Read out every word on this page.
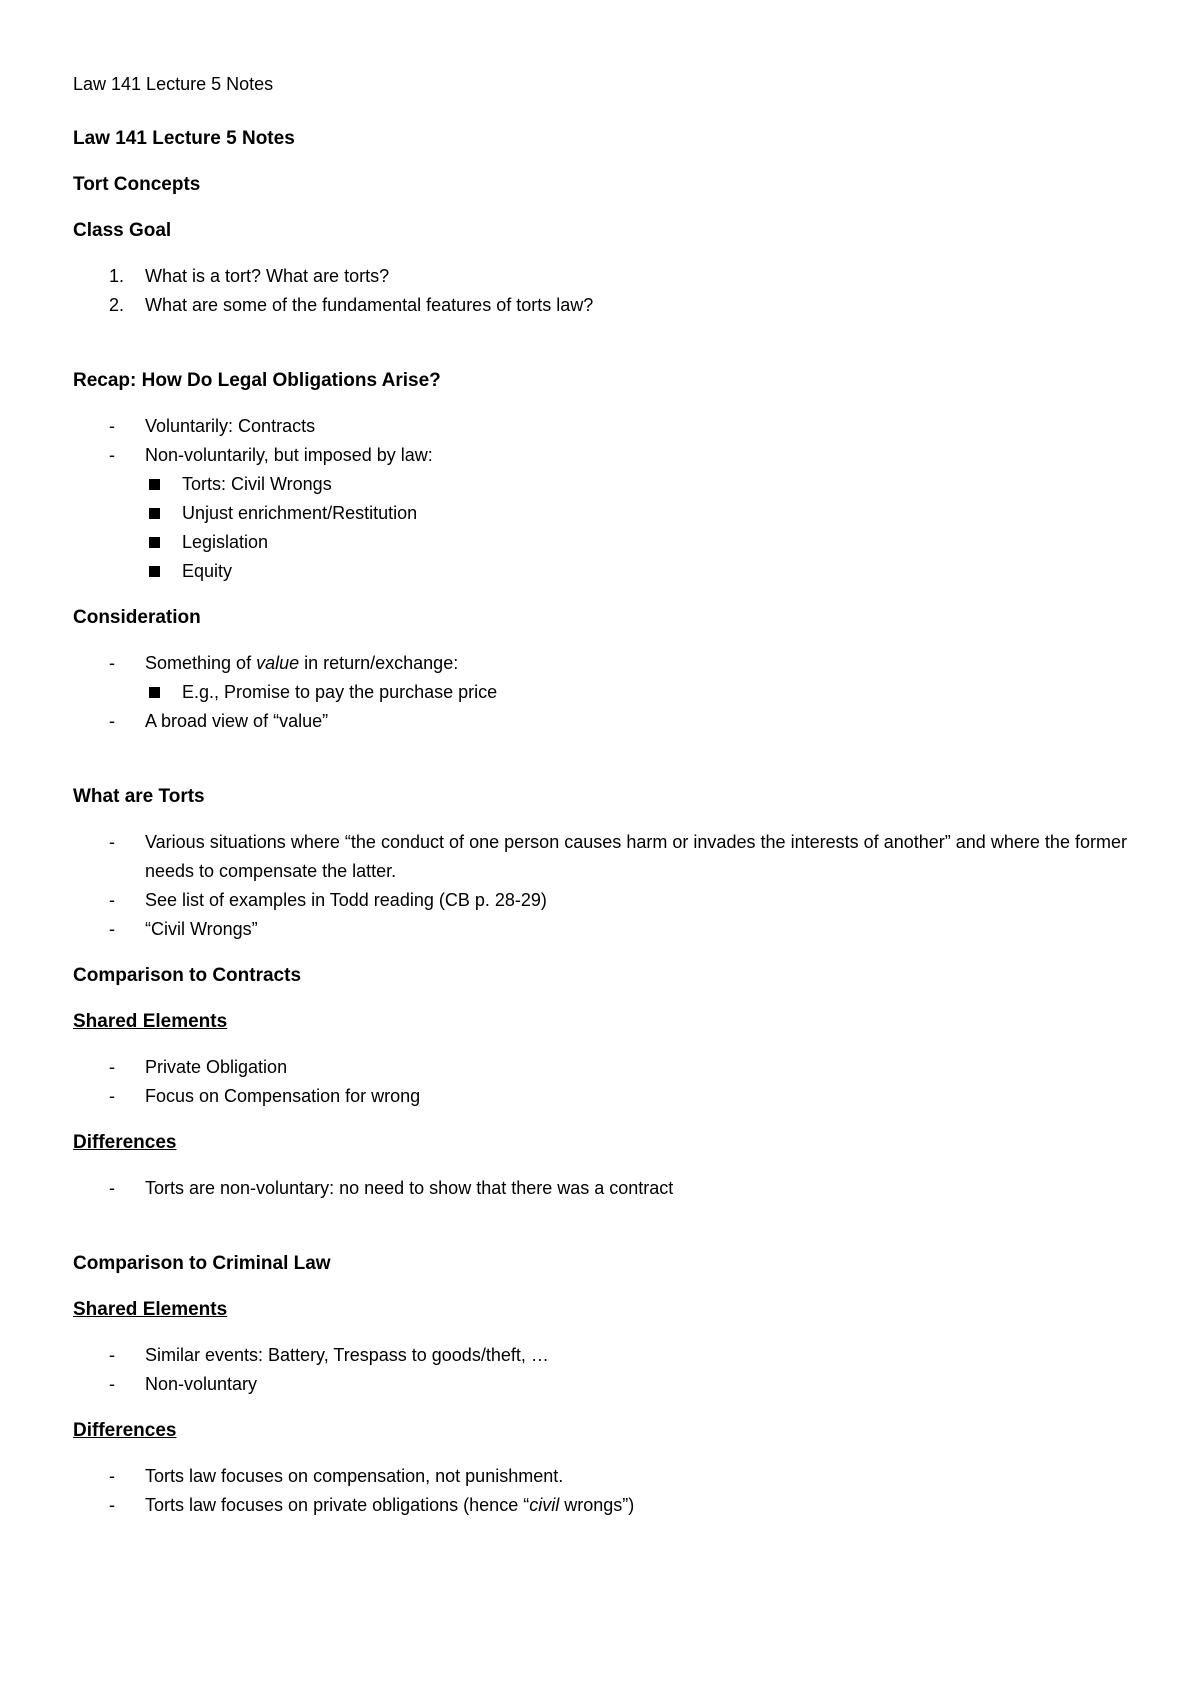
Law 141 Lecture 5 Notes

Law 141 Lecture 5 Notes

Tort Concepts

Class Goal

1.	What is a tort? What are torts?
2.	What are some of the fundamental features of torts law?

Recap: How Do Legal Obligations Arise?

-	Voluntarily: Contracts
-	Non-voluntarily, but imposed by law:
Torts: Civil Wrongs
Unjust enrichment/Restitution
Legislation
Equity

Consideration

-	Something of value in return/exchange:
E.g., Promise to pay the purchase price
-	A broad view of “value”

What are Torts

-	Various situations where “the conduct of one person causes harm or invades the interests of another” and where the former needs to compensate the latter.
-	See list of examples in Todd reading (CB p. 28-29)
-	“Civil Wrongs”

Comparison to Contracts

Shared Elements

-	Private Obligation
-	Focus on Compensation for wrong

Differences

-	Torts are non-voluntary: no need to show that there was a contract

Comparison to Criminal Law

Shared Elements

-	Similar events: Battery, Trespass to goods/theft, …
-	Non-voluntary

Differences

-	Torts law focuses on compensation, not punishment.
-	Torts law focuses on private obligations (hence “civil wrongs”)
